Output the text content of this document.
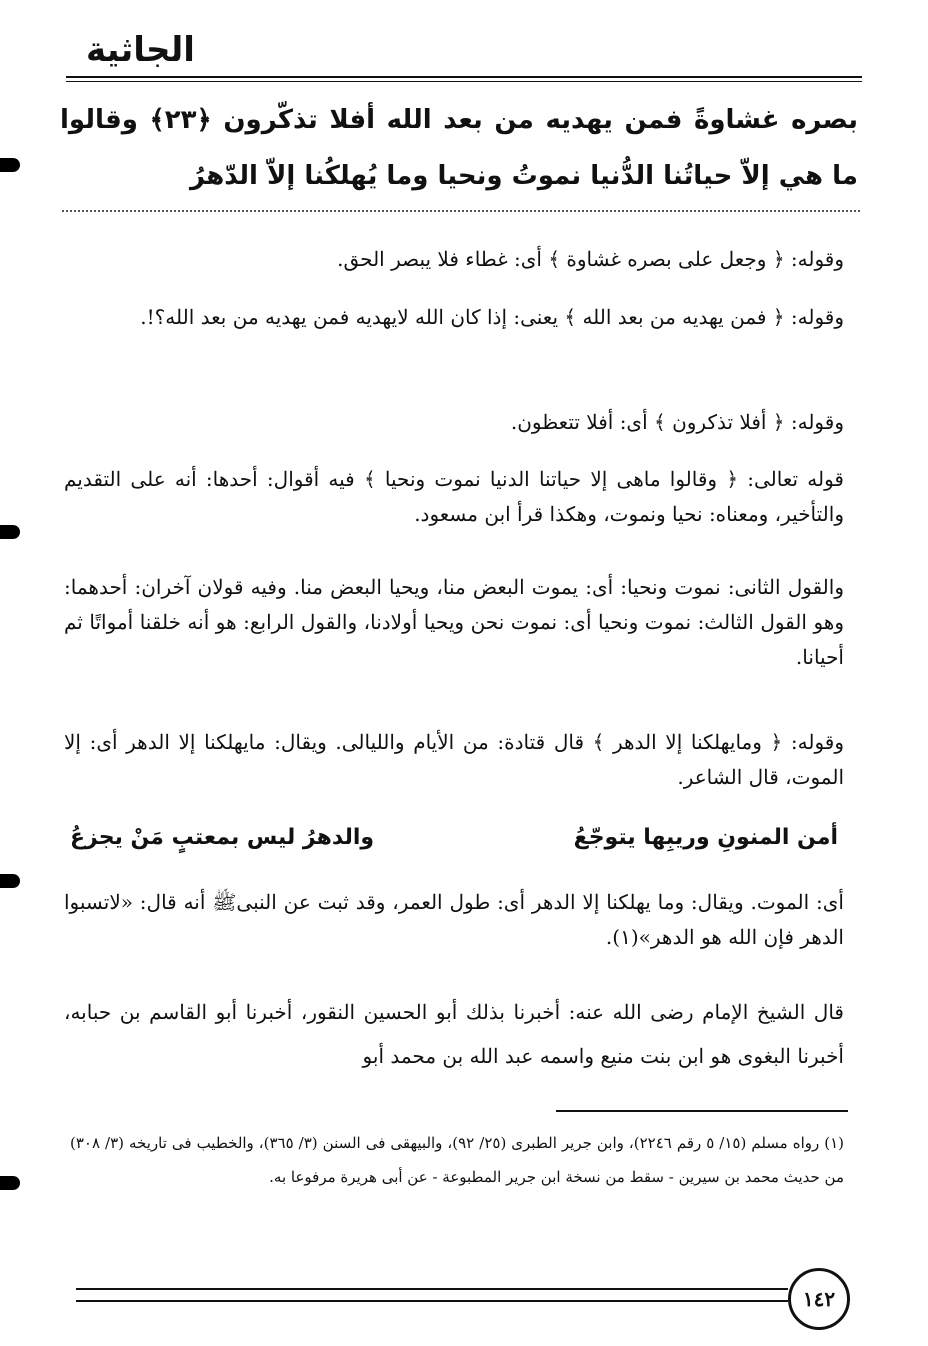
الجاثية
بصره غشاوةً فمن يهديه من بعد الله أفلا تذكّرون ﴿٢٣﴾ وقالوا ما هي إلاّ حياتُنا الدُّنيا نموتُ ونحيا وما يُهلكُنا إلاّ الدّهرُ
وقوله: ﴿ وجعل على بصره غشاوة ﴾ أى: غطاء فلا يبصر الحق.
وقوله: ﴿ فمن يهديه من بعد الله ﴾ يعنى: إذا كان الله لايهديه فمن يهديه من بعد الله؟!.
وقوله: ﴿ أفلا تذكرون ﴾ أى: أفلا تتعظون.
قوله تعالى: ﴿ وقالوا ماهى إلا حياتنا الدنيا نموت ونحيا ﴾ فيه أقوال: أحدها: أنه على التقديم والتأخير، ومعناه: نحيا ونموت، وهكذا قرأ ابن مسعود.
والقول الثانى: نموت ونحيا: أى: يموت البعض منا، ويحيا البعض منا. وفيه قولان آخران: أحدهما: وهو القول الثالث: نموت ونحيا أى: نموت نحن ويحيا أولادنا، والقول الرابع: هو أنه خلقنا أمواتًا ثم أحيانا.
وقوله: ﴿ ومايهلكنا إلا الدهر ﴾ قال قتادة: من الأيام والليالى. ويقال: مايهلكنا إلا الدهر أى: إلا الموت، قال الشاعر.
أمن المنونِ وريبِها يتوجّعُ
والدهرُ ليس بمعتبٍ مَنْ يجزعُ
أى: الموت. ويقال: وما يهلكنا إلا الدهر أى: طول العمر، وقد ثبت عن النبىﷺ أنه قال: «لاتسبوا الدهر فإن الله هو الدهر»(١).
قال الشيخ الإمام رضى الله عنه: أخبرنا بذلك أبو الحسين النقور، أخبرنا أبو القاسم بن حبابه، أخبرنا البغوى هو ابن بنت منيع واسمه عبد الله بن محمد أبو
(١) رواه مسلم (١٥/ ٥ رقم ٢٢٤٦)، وابن جرير الطبرى (٢٥/ ٩٢)، والبيهقى فى السنن (٣/ ٣٦٥)، والخطيب فى تاريخه (٣/ ٣٠٨) من حديث محمد بن سيرين - سقط من نسخة ابن جرير المطبوعة - عن أبى هريرة مرفوعا به.
١٤٢
